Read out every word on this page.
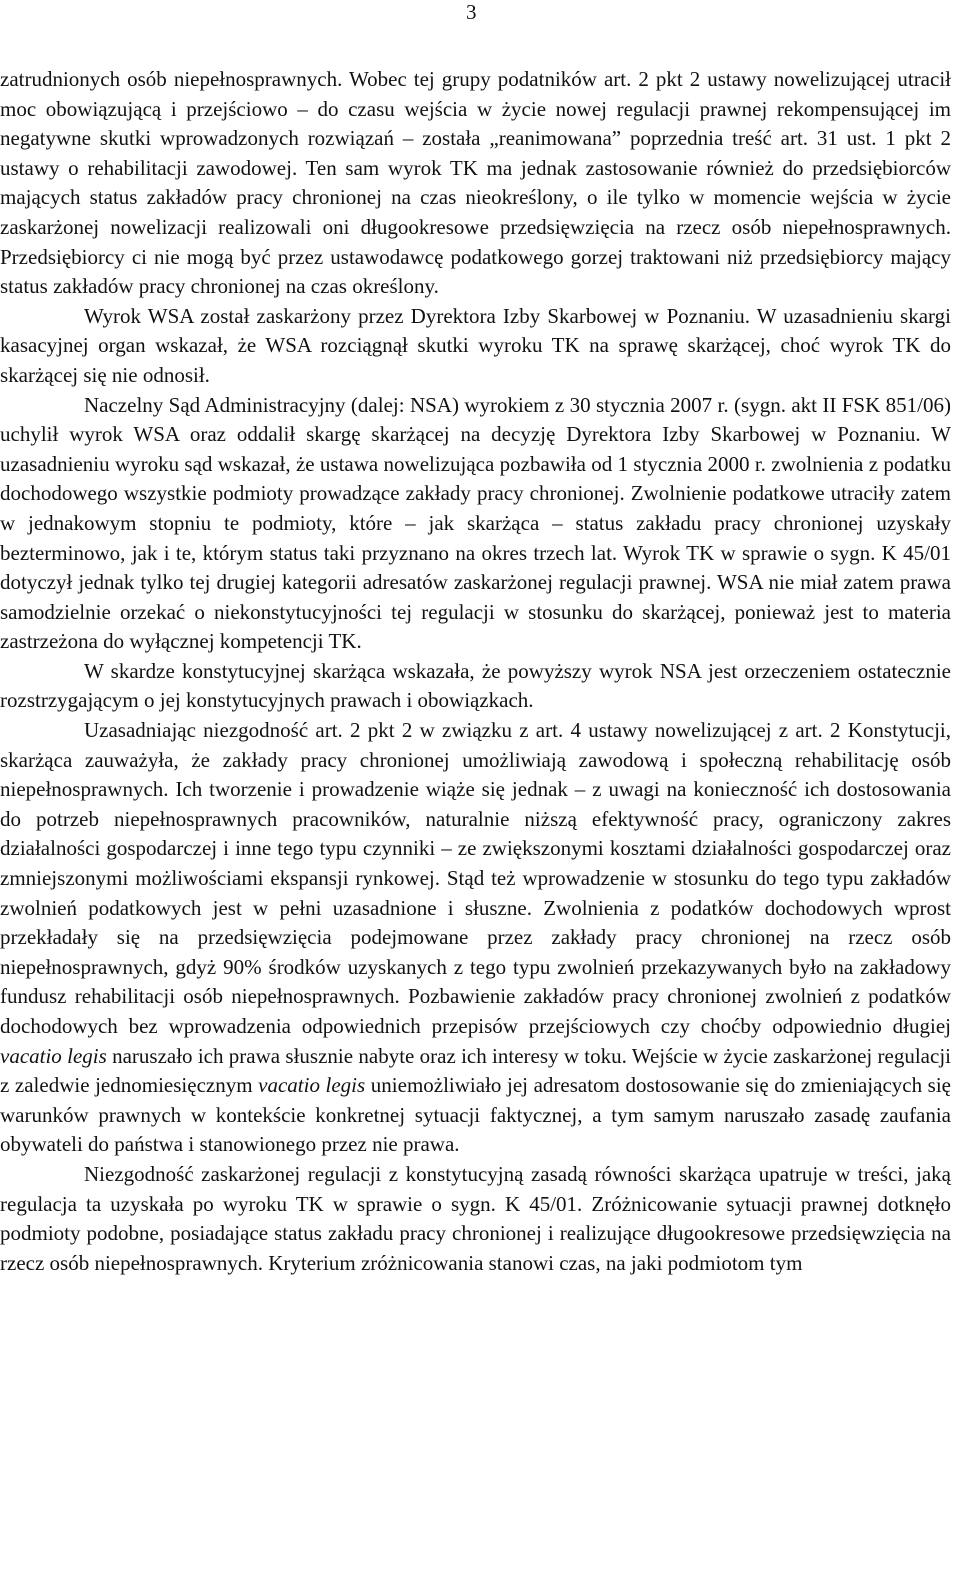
3

zatrudnionych osób niepełnosprawnych. Wobec tej grupy podatników art. 2 pkt 2 ustawy nowelizującej utracił moc obowiązującą i przejściowo – do czasu wejścia w życie nowej regulacji prawnej rekompensującej im negatywne skutki wprowadzonych rozwiązań – została „reanimowana” poprzednia treść art. 31 ust. 1 pkt 2 ustawy o rehabilitacji zawodowej. Ten sam wyrok TK ma jednak zastosowanie również do przedsiębiorców mających status zakładów pracy chronionej na czas nieokreślony, o ile tylko w momencie wejścia w życie zaskarżonej nowelizacji realizowali oni długookresowe przedsięwzięcia na rzecz osób niepełnosprawnych. Przedsiębiorcy ci nie mogą być przez ustawodawcę podatkowego gorzej traktowani niż przedsiębiorcy mający status zakładów pracy chronionej na czas określony.

Wyrok WSA został zaskarżony przez Dyrektora Izby Skarbowej w Poznaniu. W uzasadnieniu skargi kasacyjnej organ wskazał, że WSA rozciągnął skutki wyroku TK na sprawę skarżącej, choć wyrok TK do skarżącej się nie odnosił.

Naczelny Sąd Administracyjny (dalej: NSA) wyrokiem z 30 stycznia 2007 r. (sygn. akt II FSK 851/06) uchylił wyrok WSA oraz oddalił skargę skarżącej na decyzję Dyrektora Izby Skarbowej w Poznaniu. W uzasadnieniu wyroku sąd wskazał, że ustawa nowelizująca pozbawiła od 1 stycznia 2000 r. zwolnienia z podatku dochodowego wszystkie podmioty prowadzące zakłady pracy chronionej. Zwolnienie podatkowe utraciły zatem w jednakowym stopniu te podmioty, które – jak skarżąca – status zakładu pracy chronionej uzyskały bezterminowo, jak i te, którym status taki przyznano na okres trzech lat. Wyrok TK w sprawie o sygn. K 45/01 dotyczył jednak tylko tej drugiej kategorii adresatów zaskarżonej regulacji prawnej. WSA nie miał zatem prawa samodzielnie orzekać o niekonstytucyjności tej regulacji w stosunku do skarżącej, ponieważ jest to materia zastrzeżona do wyłącznej kompetencji TK.

W skardze konstytucyjnej skarżąca wskazała, że powyższy wyrok NSA jest orzeczeniem ostatecznie rozstrzygającym o jej konstytucyjnych prawach i obowiązkach.

Uzasadniając niezgodność art. 2 pkt 2 w związku z art. 4 ustawy nowelizującej z art. 2 Konstytucji, skarżąca zauważyła, że zakłady pracy chronionej umożliwiają zawodową i społeczną rehabilitację osób niepełnosprawnych. Ich tworzenie i prowadzenie wiąże się jednak – z uwagi na konieczność ich dostosowania do potrzeb niepełnosprawnych pracowników, naturalnie niższą efektywność pracy, ograniczony zakres działalności gospodarczej i inne tego typu czynniki – ze zwiększonymi kosztami działalności gospodarczej oraz zmniejszonymi możliwościami ekspansji rynkowej. Stąd też wprowadzenie w stosunku do tego typu zakładów zwolnień podatkowych jest w pełni uzasadnione i słuszne. Zwolnienia z podatków dochodowych wprost przekładały się na przedsięwzięcia podejmowane przez zakłady pracy chronionej na rzecz osób niepełnosprawnych, gdyż 90% środków uzyskanych z tego typu zwolnień przekazywanych było na zakładowy fundusz rehabilitacji osób niepełnosprawnych. Pozbawienie zakładów pracy chronionej zwolnień z podatków dochodowych bez wprowadzenia odpowiednich przepisów przejściowych czy choćby odpowiednio długiej vacatio legis naruszało ich prawa słusznie nabyte oraz ich interesy w toku. Wejście w życie zaskarżonej regulacji z zaledwie jednomiesięcznym vacatio legis uniemożliwiało jej adresatom dostosowanie się do zmieniających się warunków prawnych w kontekście konkretnej sytuacji faktycznej, a tym samym naruszało zasadę zaufania obywateli do państwa i stanowionego przez nie prawa.

Niezgodność zaskarżonej regulacji z konstytucyjną zasadą równości skarżąca upatruje w treści, jaką regulacja ta uzyskała po wyroku TK w sprawie o sygn. K 45/01. Zróżnicowanie sytuacji prawnej dotknęło podmioty podobne, posiadające status zakładu pracy chronionej i realizujące długookresowe przedsięwzięcia na rzecz osób niepełnosprawnych. Kryterium zróżnicowania stanowi czas, na jaki podmiotom tym
